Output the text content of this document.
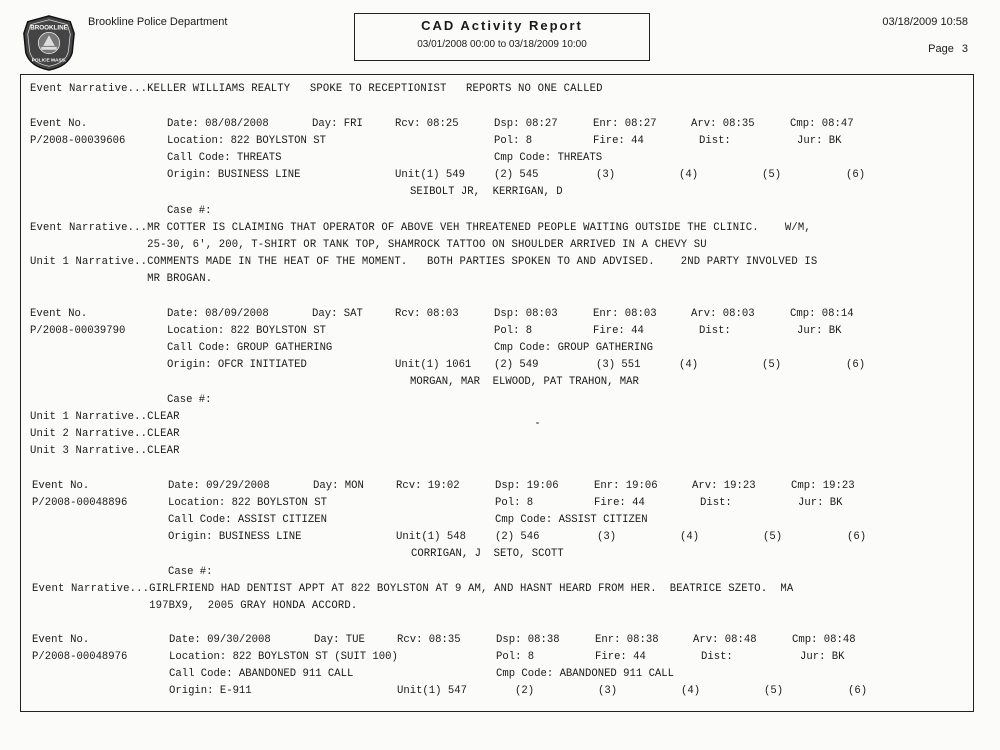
BROOKLINE
POLICE MASS.
Brookline Police Department	CAD Activity Report
03/01/2008 00:00 to 03/18/2009 10:00
03/18/2009 10:58
Page 3
Event Narrative...KELLER WILLIAMS REALTY   SPOKE TO RECEPTIONIST   REPORTS NO ONE CALLED
Event No.	Date: 08/08/2008	Day: FRI	Rcv: 08:25	Dsp: 08:27	Enr: 08:27	Arv: 08:35	Cmp: 08:47
P/2008-00039606	Location: 822 BOYLSTON ST	Pol: 8	Fire: 44	Dist:	Jur: BK
Call Code: THREATS	Cmp Code: THREATS
Origin: BUSINESS LINE	Unit(1) 549	(2) 545	(3)	(4)	(5)	(6)
SEIBOLT JR,  KERRIGAN, D
Case #:
Event Narrative...MR COTTER IS CLAIMING THAT OPERATOR OF ABOVE VEH THREATENED PEOPLE WAITING OUTSIDE THE CLINIC.    W/M,
25-30, 6', 200, T-SHIRT OR TANK TOP, SHAMROCK TATTOO ON SHOULDER ARRIVED IN A CHEVY SU
Unit 1 Narrative..COMMENTS MADE IN THE HEAT OF THE MOMENT.   BOTH PARTIES SPOKEN TO AND ADVISED.    2ND PARTY INVOLVED IS
MR BROGAN.
Event No.	Date: 08/09/2008	Day: SAT	Rcv: 08:03	Dsp: 08:03	Enr: 08:03	Arv: 08:03	Cmp: 08:14
P/2008-00039790	Location: 822 BOYLSTON ST	Pol: 8	Fire: 44	Dist:	Jur: BK
Call Code: GROUP GATHERING	Cmp Code: GROUP GATHERING
Origin: OFCR INITIATED	Unit(1) 1061 (2) 549	(3) 551	(4)	(5)	(6)
MORGAN, MAR  ELWOOD, PAT TRAHON, MAR
Case #:
Unit 1 Narrative..CLEAR
Unit 2 Narrative..CLEAR
Unit 3 Narrative..CLEAR
Event No.	Date: 09/29/2008	Day: MON	Rcv: 19:02	Dsp: 19:06	Enr: 19:06	Arv: 19:23	Cmp: 19:23
P/2008-00048896	Location: 822 BOYLSTON ST	Pol: 8	Fire: 44	Dist:	Jur: BK
Call Code: ASSIST CITIZEN	Cmp Code: ASSIST CITIZEN
Origin: BUSINESS LINE	Unit(1) 548	(2) 546	(3)	(4)	(5)	(6)
CORRIGAN, J  SETO, SCOTT
Case #:
Event Narrative...GIRLFRIEND HAD DENTIST APPT AT 822 BOYLSTON AT 9 AM, AND HASNT HEARD FROM HER.  BEATRICE SZETO.  MA
197BX9,  2005 GRAY HONDA ACCORD.
Event No.	Date: 09/30/2008	Day: TUE	Rcv: 08:35	Dsp: 08:38	Enr: 08:38	Arv: 08:48	Cmp: 08:48
P/2008-00048976	Location: 822 BOYLSTON ST (SUIT 100)	Pol: 8	Fire: 44	Dist:	Jur: BK
Call Code: ABANDONED 911 CALL	Cmp Code: ABANDONED 911 CALL
Origin: E-911	Unit(1) 547	(2)	(3)	(4)	(5)	(6)
